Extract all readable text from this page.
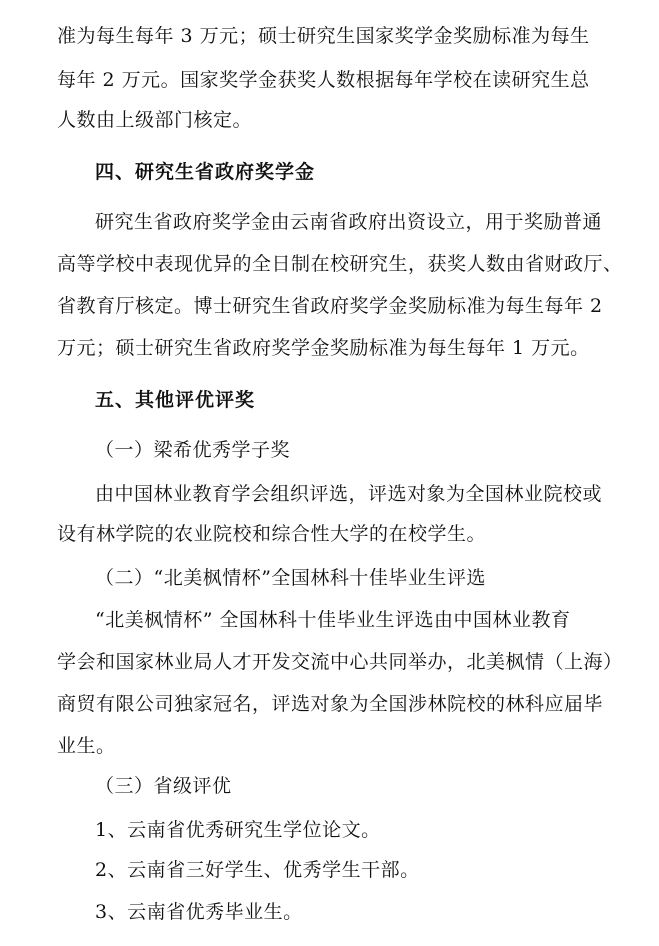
准为每生每年 3 万元；硕士研究生国家奖学金奖励标准为每生
每年 2 万元。国家奖学金获奖人数根据每年学校在读研究生总
人数由上级部门核定。
四、研究生省政府奖学金
研究生省政府奖学金由云南省政府出资设立，用于奖励普通
高等学校中表现优异的全日制在校研究生，获奖人数由省财政厅、
省教育厅核定。博士研究生省政府奖学金奖励标准为每生每年 2
万元；硕士研究生省政府奖学金奖励标准为每生每年 1 万元。
五、其他评优评奖
（一）梁希优秀学子奖
由中国林业教育学会组织评选，评选对象为全国林业院校或
设有林学院的农业院校和综合性大学的在校学生。
（二）“北美枫情杯”全国林科十佳毕业生评选
“北美枫情杯” 全国林科十佳毕业生评选由中国林业教育
学会和国家林业局人才开发交流中心共同举办，北美枫情（上海）
商贸有限公司独家冠名，评选对象为全国涉林院校的林科应届毕
业生。
（三）省级评优
1、云南省优秀研究生学位论文。
2、云南省三好学生、优秀学生干部。
3、云南省优秀毕业生。
